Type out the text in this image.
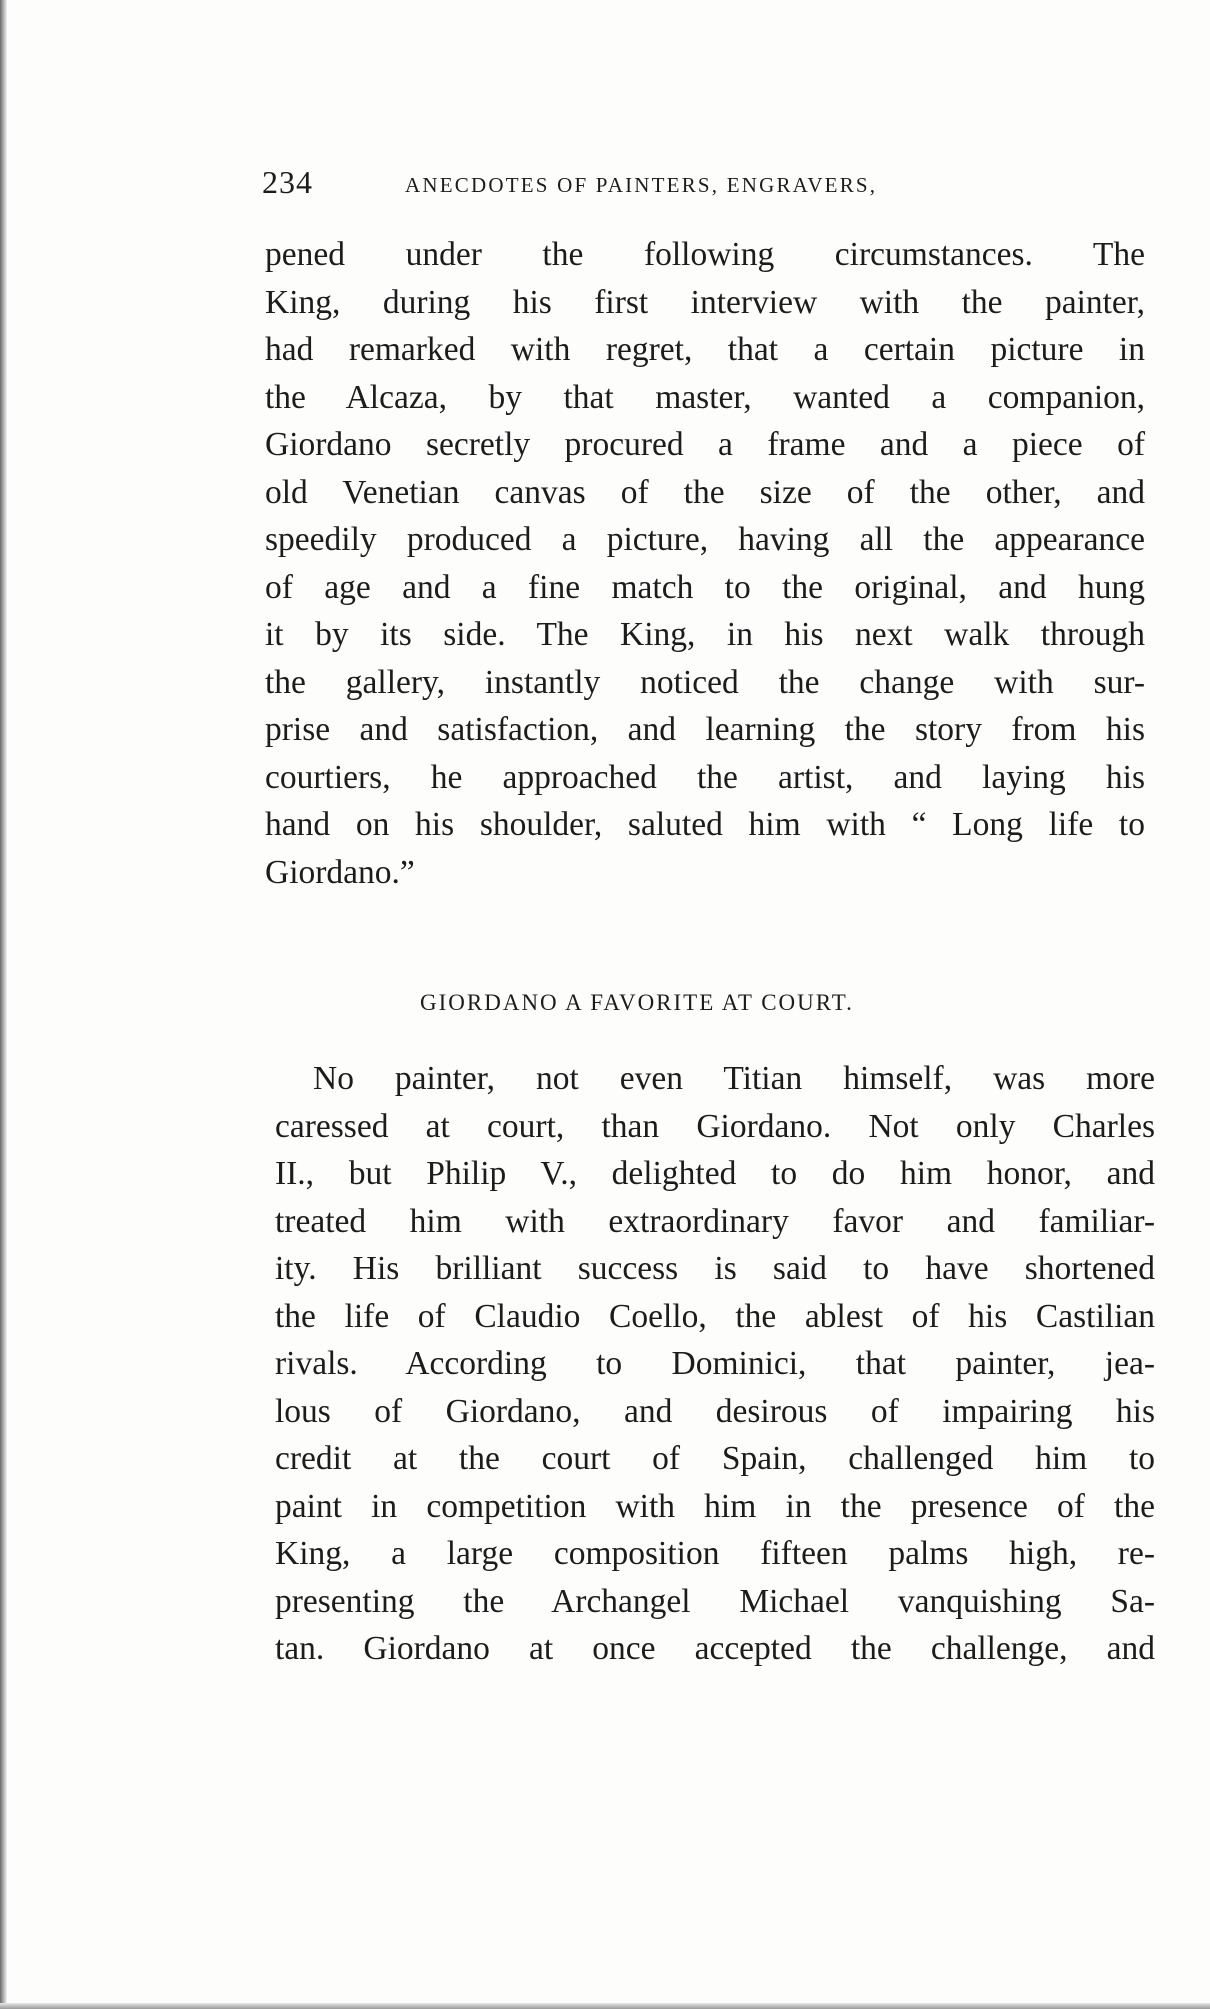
234	ANECDOTES OF PAINTERS, ENGRAVERS,
pened under the following circumstances. The
King, during his first interview with the painter,
had remarked with regret, that a certain picture in
the Alcaza, by that master, wanted a companion,
Giordano secretly procured a frame and a piece of
old Venetian canvas of the size of the other, and
speedily produced a picture, having all the appearance
of age and a fine match to the original, and hung
it by its side. The King, in his next walk through
the gallery, instantly noticed the change with sur-
prise and satisfaction, and learning the story from his
courtiers, he approached the artist, and laying his
hand on his shoulder, saluted him with “ Long life to
Giordano.”
GIORDANO A FAVORITE AT COURT.
No painter, not even Titian himself, was more
caressed at court, than Giordano. Not only Charles
II., but Philip V., delighted to do him honor, and
treated him with extraordinary favor and familiar-
ity. His brilliant success is said to have shortened
the life of Claudio Coello, the ablest of his Castilian
rivals. According to Dominici, that painter, jea-
lous of Giordano, and desirous of impairing his
credit at the court of Spain, challenged him to
paint in competition with him in the presence of the
King, a large composition fifteen palms high, re-
presenting the Archangel Michael vanquishing Sa-
tan. Giordano at once accepted the challenge, and
